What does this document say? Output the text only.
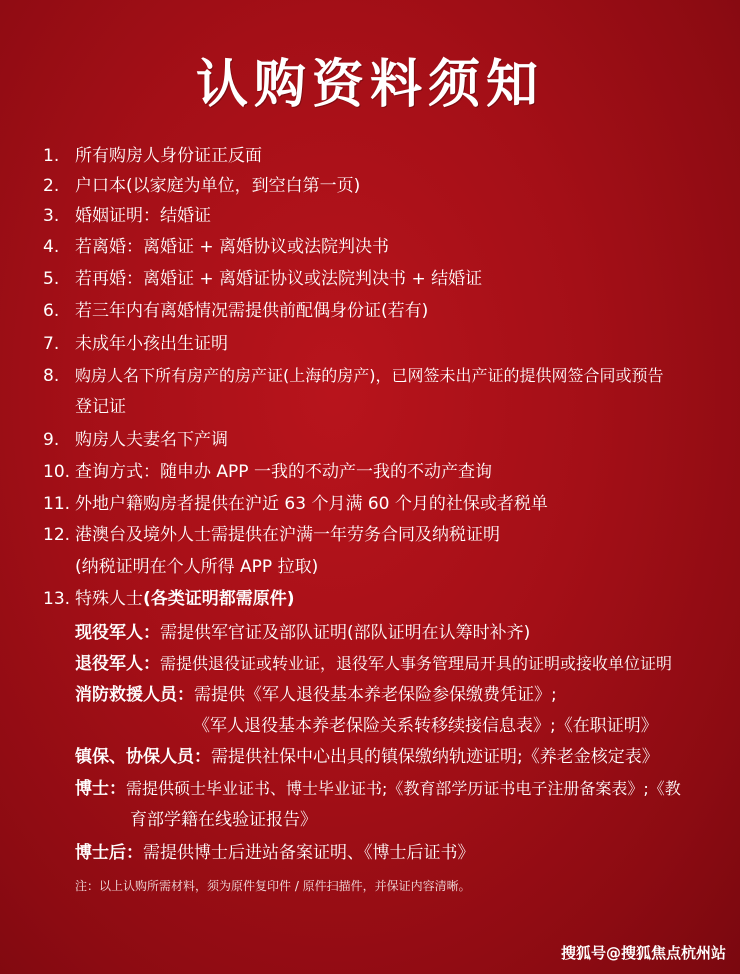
认购资料须知
1. 所有购房人身份证正反面
2. 户口本(以家庭为单位，到空白第一页)
3. 婚姻证明：结婚证
4. 若离婚：离婚证 + 离婚协议或法院判决书
5. 若再婚：离婚证 + 离婚证协议或法院判决书 + 结婚证
6. 若三年内有离婚情况需提供前配偶身份证(若有)
7. 未成年小孩出生证明
8. 购房人名下所有房产的房产证(上海的房产)，已网签未出产证的提供网签合同或预告
登记证
9. 购房人夫妻名下产调
10. 查询方式：随申办 APP 一我的不动产一我的不动产查询
11. 外地户籍购房者提供在沪近 63 个月满 60 个月的社保或者税单
12. 港澳台及境外人士需提供在沪满一年劳务合同及纳税证明
(纳税证明在个人所得 APP 拉取)
13. 特殊人士(各类证明都需原件)
现役军人：需提供军官证及部队证明(部队证明在认筹时补齐)
退役军人：需提供退役证或转业证，退役军人事务管理局开具的证明或接收单位证明
消防救援人员：需提供《军人退役基本养老保险参保缴费凭证》;
《军人退役基本养老保险关系转移续接信息表》;《在职证明》
镇保、协保人员：需提供社保中心出具的镇保缴纳轨迹证明;《养老金核定表》
博士：需提供硕士毕业证书、博士毕业证书;《教育部学历证书电子注册备案表》;《教
育部学籍在线验证报告》
博士后：需提供博士后进站备案证明、《博士后证书》
注：以上认购所需材料，须为原件复印件 / 原件扫描件，并保证内容清晰。
搜狐号@搜狐焦点杭州站
